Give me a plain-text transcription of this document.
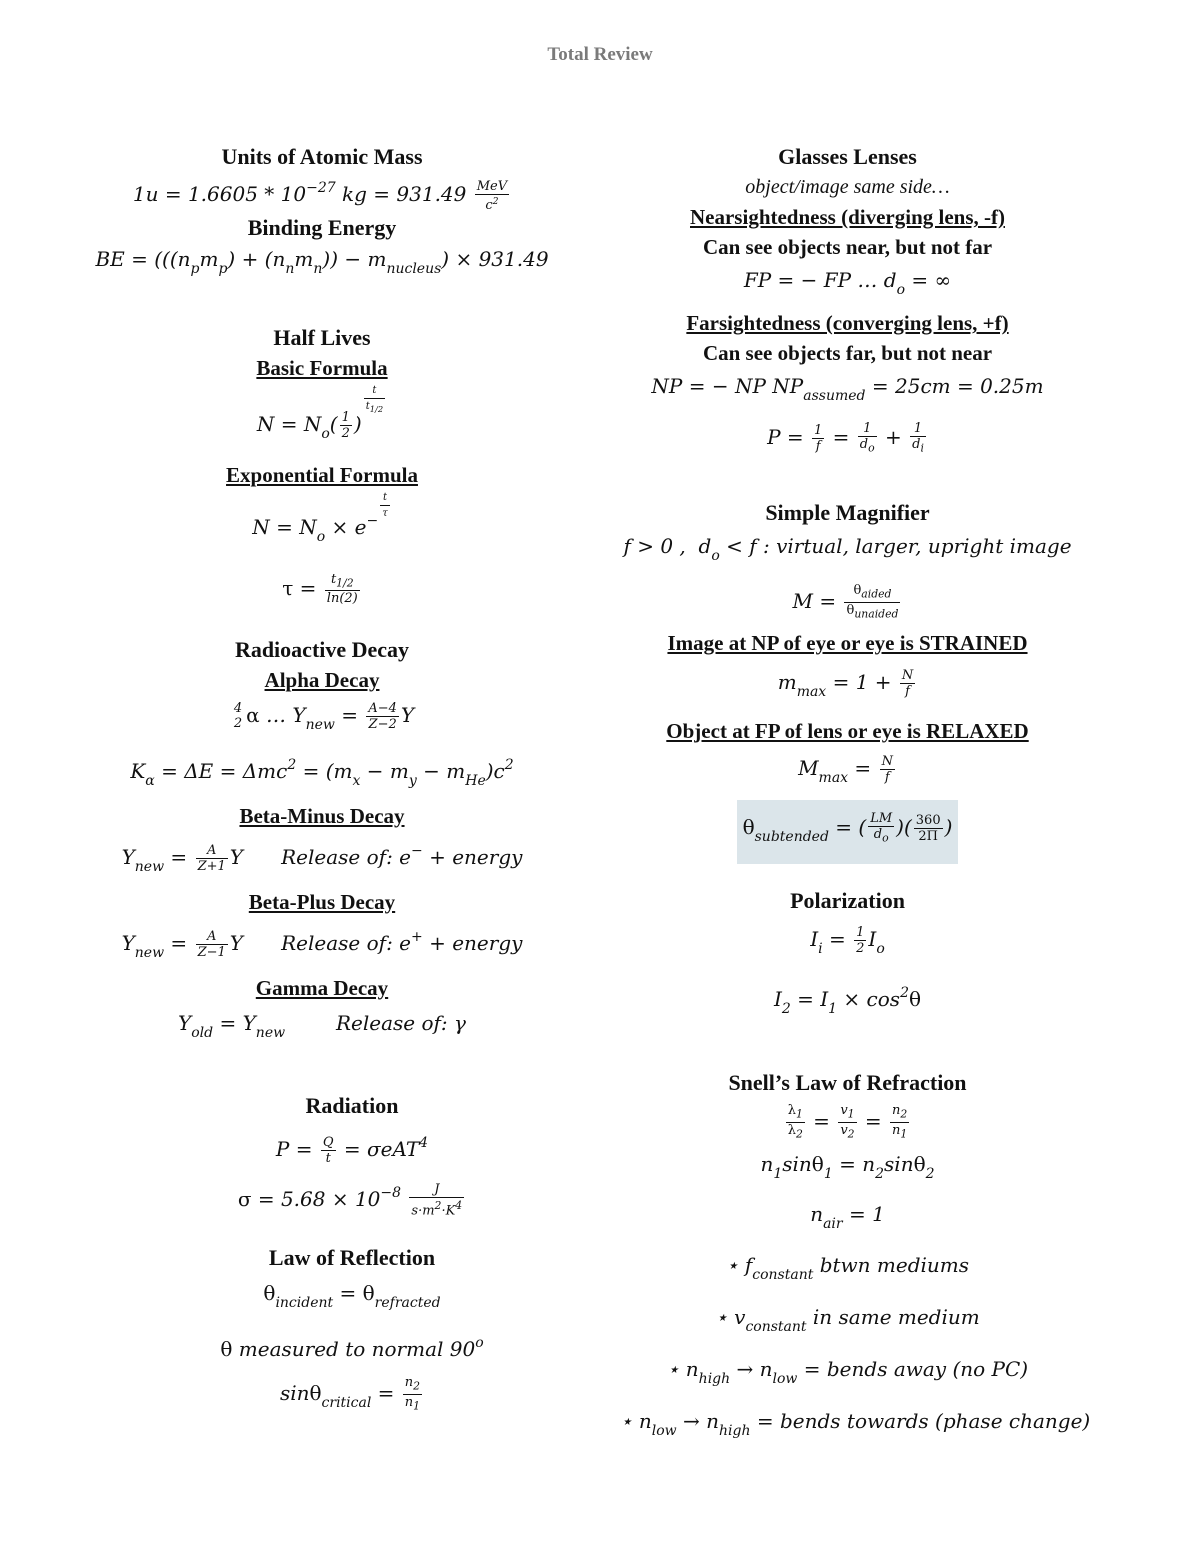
Total Review
Units of Atomic Mass
$1u = 1.6605 * 10^{-27}$ kg = $931.49 \frac{\text{MeV}}{c^2}$
Binding Energy
BE = $(((n_pm_p) + (n_nm_n)) - m_{nucleus}) \times 931.49$
Half Lives
Basic Formula
$N = N_o( \frac{1}{2}$ )
$\frac{t}{t_{1/2}}$
Exponential Formula
$N = N_o \times e^- \frac{t}{\tau}$
$\tau = \frac{t_{1/2}}{\ln(2)}$
Radioactive Decay
Alpha Decay
4
2 α … $Y_{new} = \frac{A-4}{Z-2}$ Y
$K_\alpha = \Delta E = \Delta mc^2 = (m_x - m_y - m_{He})c^2$
Beta-Minus Decay
$Y_{new} = \frac{A}{Z+1}$ Y      Release of: e− + energy
Beta-Plus Decay
$Y_{new} = \frac{A}{Z-1}$ Y      Release of: e+ + energy
Gamma Decay
$Y_{old} = Y_{new}$        Release of: γ
Radiation
$P = \frac{Q}{t} = \sigma eAT^4$
$\sigma = 5.68 \times 10^{-8} \frac{J}{s\cdot m^2\cdot K^4}$
Law of Reflection
$\theta_{incident} = \theta_{refracted}$
θ measured to normal 90$^o$
$\sin\theta_{critical} = \frac{n_2}{n_1}$
Glasses Lenses
object/image same side…
Nearsightedness (diverging lens, -f)
Can see objects near, but not far
FP = − FP … $d_o$ = ∞
Farsightedness (converging lens, +f)
Can see objects far, but not near
NP = − NP $NP_{assumed} = 25cm = 0.25m$
$P = \frac{1}{f} = \frac{1}{d_o} + \frac{1}{d_i}$
Simple Magnifier
f > 0 ,  $d_o < f$ : virtual, larger, upright image
$M = \frac{\theta_{aided}}{\theta_{unaided}}$
Image at NP of eye or eye is STRAINED
$m_{max} = 1 + \frac{N}{f}$
Object at FP of lens or eye is RELAXED
$M_{max} = \frac{N}{f}$
$\theta_{subtended}$ = ( $\frac{LM}{d_o}$ )( $\frac{360}{2\Pi}$ )
Polarization
$I_i = \frac{1}{2} I_o$
$I_2 = I_1 \times \cos^2\theta$
Snell’s Law of Refraction
$\frac{\lambda_1}{\lambda_2} = \frac{v_1}{v_2} = \frac{n_2}{n_1}$
$n_1\sin\theta_1 = n_2\sin\theta_2$
$n_{air} = 1$
⋆ $f_{constant}$ btwn mediums
⋆ $v_{constant}$ in same medium
⋆ $n_{high} \to n_{low}$ = bends away (no PC)
⋆ $n_{low} \to n_{high}$ = bends towards (phase change)
